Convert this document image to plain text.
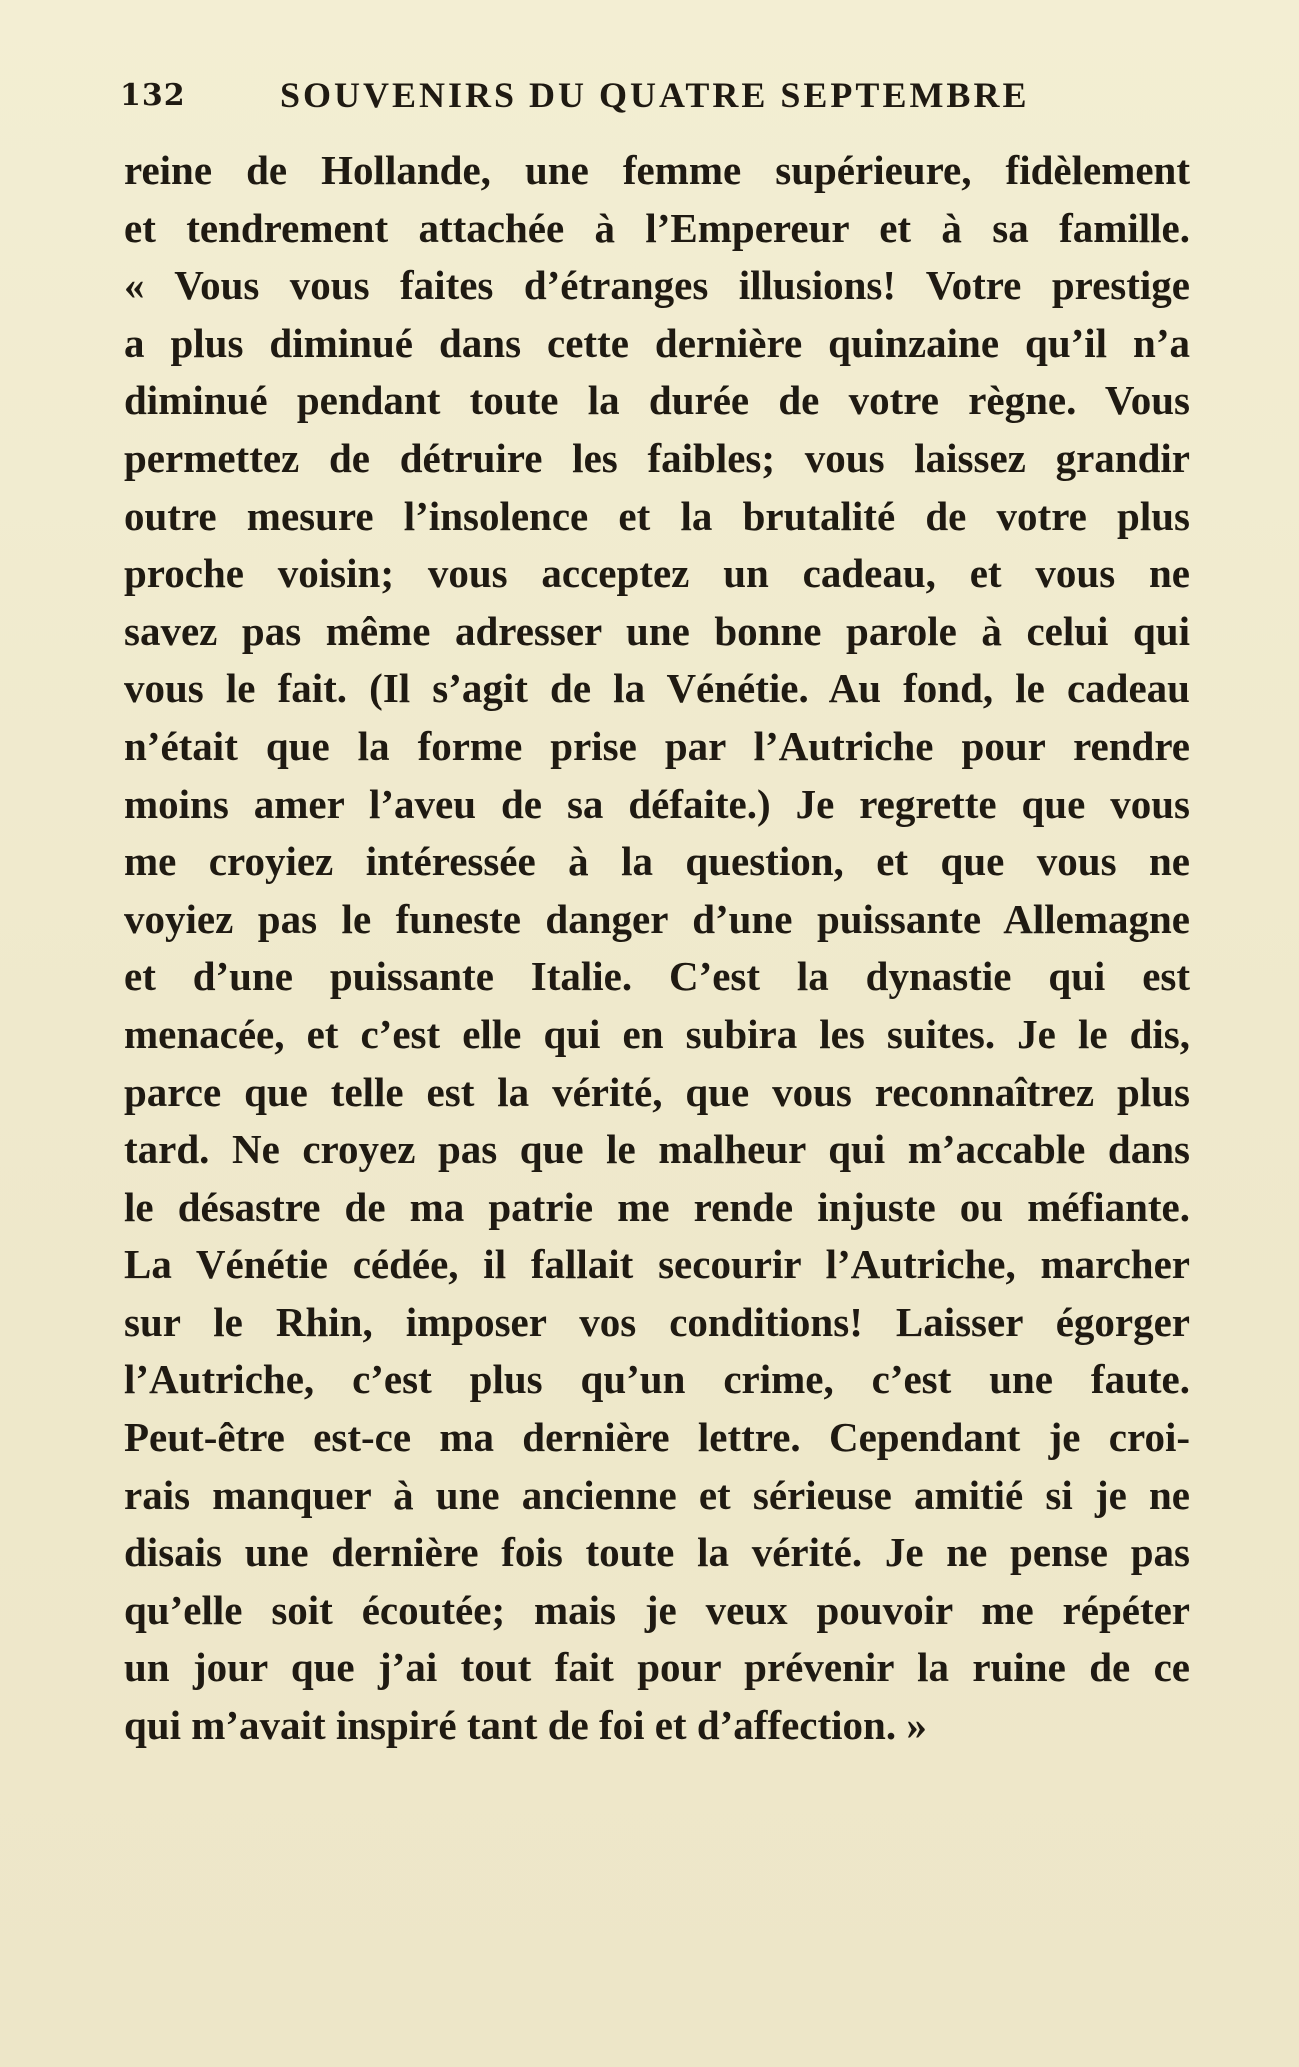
132	SOUVENIRS DU QUATRE SEPTEMBRE
reine de Hollande, une femme supérieure, fidèlement
et tendrement attachée à l’Empereur et à sa famille.
« Vous vous faites d’étranges illusions! Votre prestige
a plus diminué dans cette dernière quinzaine qu’il n’a
diminué pendant toute la durée de votre règne. Vous
permettez de détruire les faibles; vous laissez grandir
outre mesure l’insolence et la brutalité de votre plus
proche voisin; vous acceptez un cadeau, et vous ne
savez pas même adresser une bonne parole à celui qui
vous le fait. (Il s’agit de la Vénétie. Au fond, le cadeau
n’était que la forme prise par l’Autriche pour rendre
moins amer l’aveu de sa défaite.) Je regrette que vous
me croyiez intéressée à la question, et que vous ne
voyiez pas le funeste danger d’une puissante Allemagne
et d’une puissante Italie. C’est la dynastie qui est
menacée, et c’est elle qui en subira les suites. Je le dis,
parce que telle est la vérité, que vous reconnaîtrez plus
tard. Ne croyez pas que le malheur qui m’accable dans
le désastre de ma patrie me rende injuste ou méfiante.
La Vénétie cédée, il fallait secourir l’Autriche, marcher
sur le Rhin, imposer vos conditions! Laisser égorger
l’Autriche, c’est plus qu’un crime, c’est une faute.
Peut-être est-ce ma dernière lettre. Cependant je croi-
rais manquer à une ancienne et sérieuse amitié si je ne
disais une dernière fois toute la vérité. Je ne pense pas
qu’elle soit écoutée; mais je veux pouvoir me répéter
un jour que j’ai tout fait pour prévenir la ruine de ce
qui m’avait inspiré tant de foi et d’affection. »
